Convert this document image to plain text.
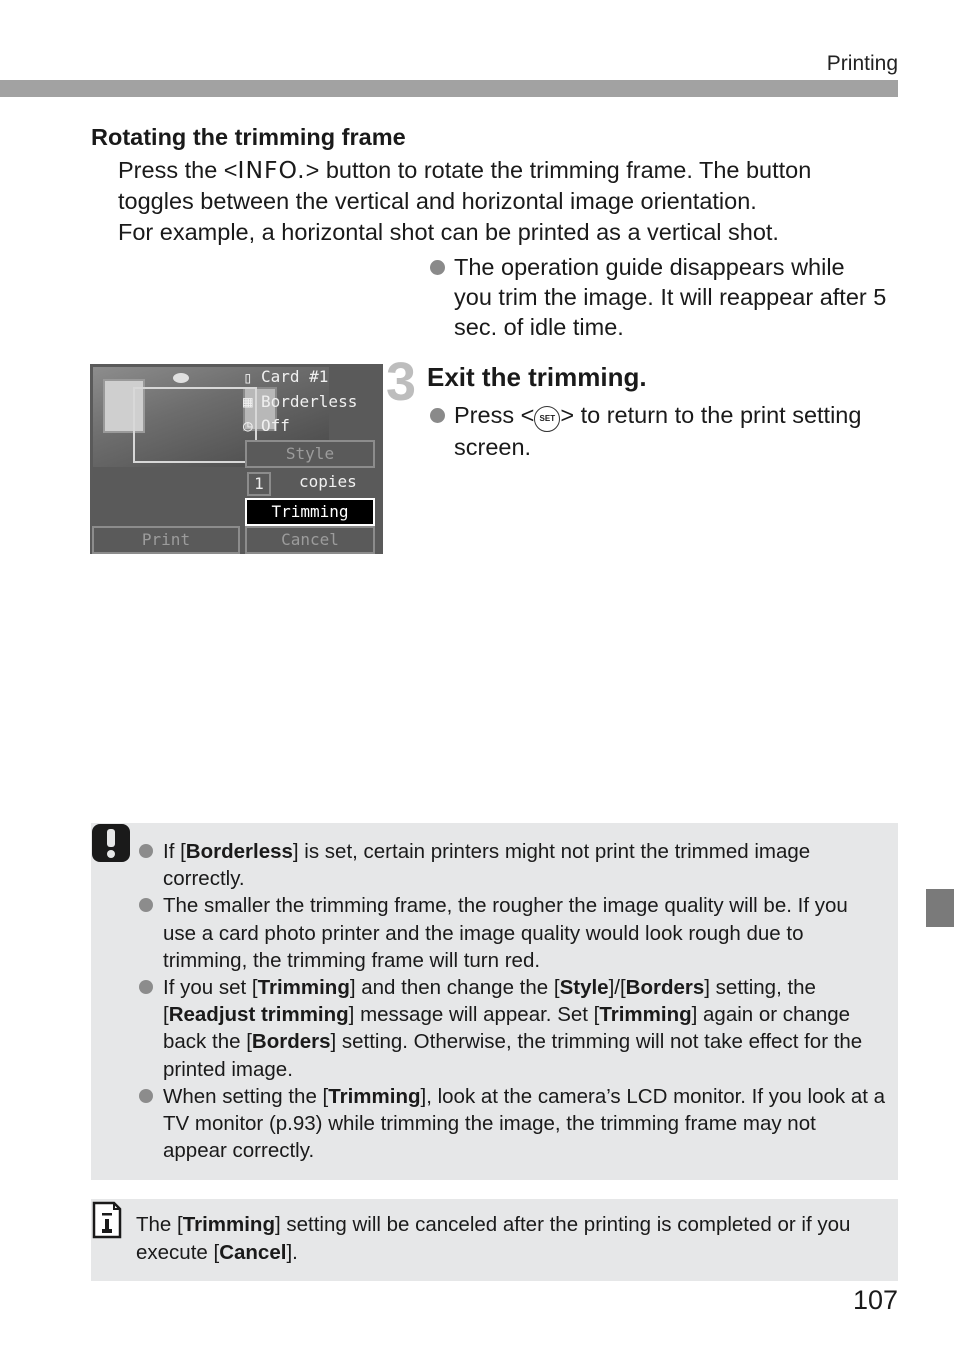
Printing
Rotating the trimming frame
Press the <INFO.> button to rotate the trimming frame. The button toggles between the vertical and horizontal image orientation.
For example, a horizontal shot can be printed as a vertical shot.
The operation guide disappears while you trim the image. It will reappear after 5 sec. of idle time.
▯ Card #1
▦ Borderless
◷ Off
Style
1	copies
Trimming
Print	Cancel
3 Exit the trimming.
Press < SET > to return to the print setting screen.
If [Borderless] is set, certain printers might not print the trimmed image correctly.
The smaller the trimming frame, the rougher the image quality will be. If you use a card photo printer and the image quality would look rough due to trimming, the trimming frame will turn red.
If you set [Trimming] and then change the [Style]/[Borders] setting, the [Readjust trimming] message will appear. Set [Trimming] again or change back the [Borders] setting. Otherwise, the trimming will not take effect for the printed image.
When setting the [Trimming], look at the camera’s LCD monitor. If you look at a TV monitor (p.93) while trimming the image, the trimming frame may not appear correctly.
The [Trimming] setting will be canceled after the printing is completed or if you execute [Cancel].
107
